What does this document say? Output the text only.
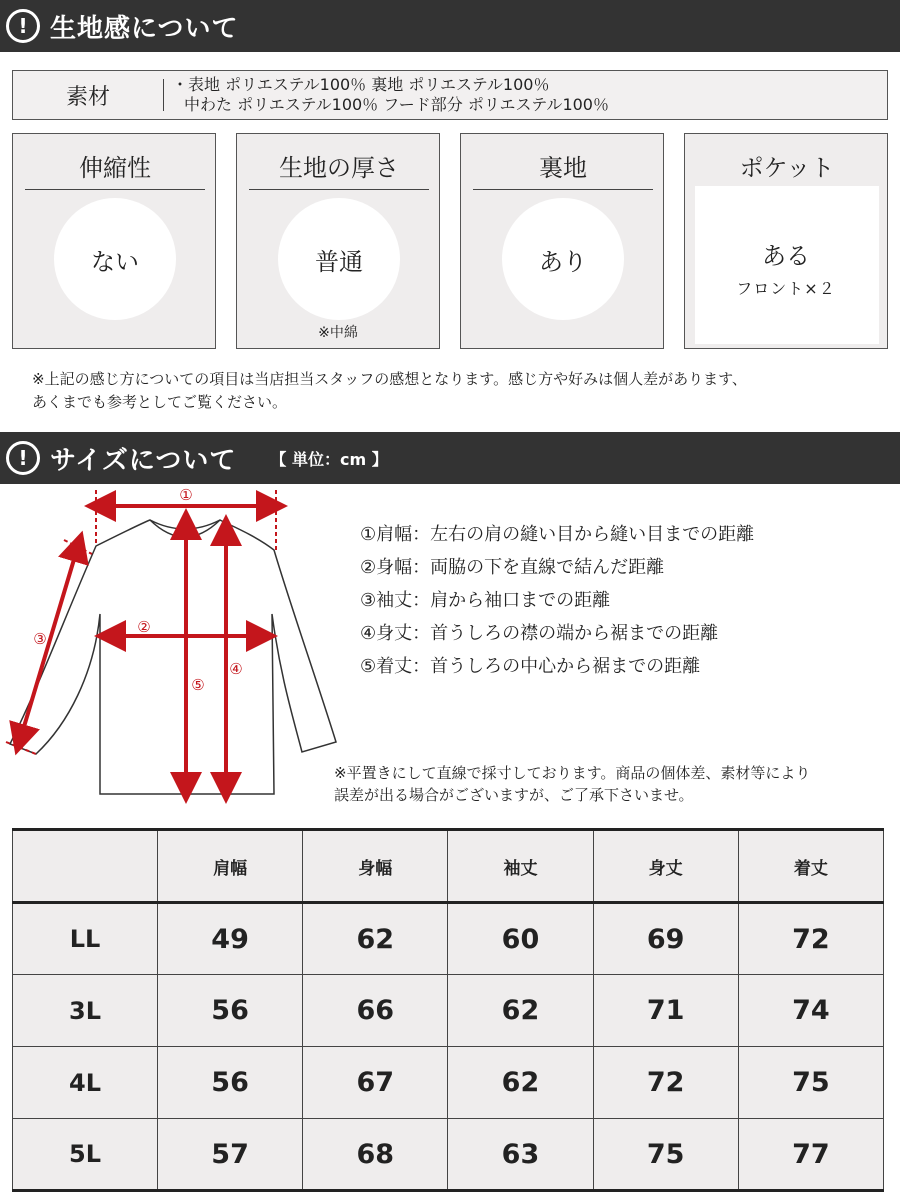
! 生地感について
素材	・表地 ポリエステル100％ 裏地 ポリエステル100％
中わた ポリエステル100％ フード部分 ポリエステル100％
伸縮性
ない
生地の厚さ
普通
※中綿
裏地
あり
ポケット
ある
フロント×２
※上記の感じ方についての項目は当店担当スタッフの感想となります。感じ方や好みは個人差があります、
あくまでも参考としてご覧ください。
! サイズについて 【 単位：cm 】
①
②
③
④
⑤
①肩幅：左右の肩の縫い目から縫い目までの距離
②身幅：両脇の下を直線で結んだ距離
③袖丈：肩から袖口までの距離
④身丈：首うしろの襟の端から裾までの距離
⑤着丈：首うしろの中心から裾までの距離
※平置きにして直線で採寸しております。商品の個体差、素材等により
誤差が出る場合がございますが、ご了承下さいませ。
	肩幅	身幅	袖丈	身丈	着丈
LL	49	62	60	69	72
3L	56	66	62	71	74
4L	56	67	62	72	75
5L	57	68	63	75	77
